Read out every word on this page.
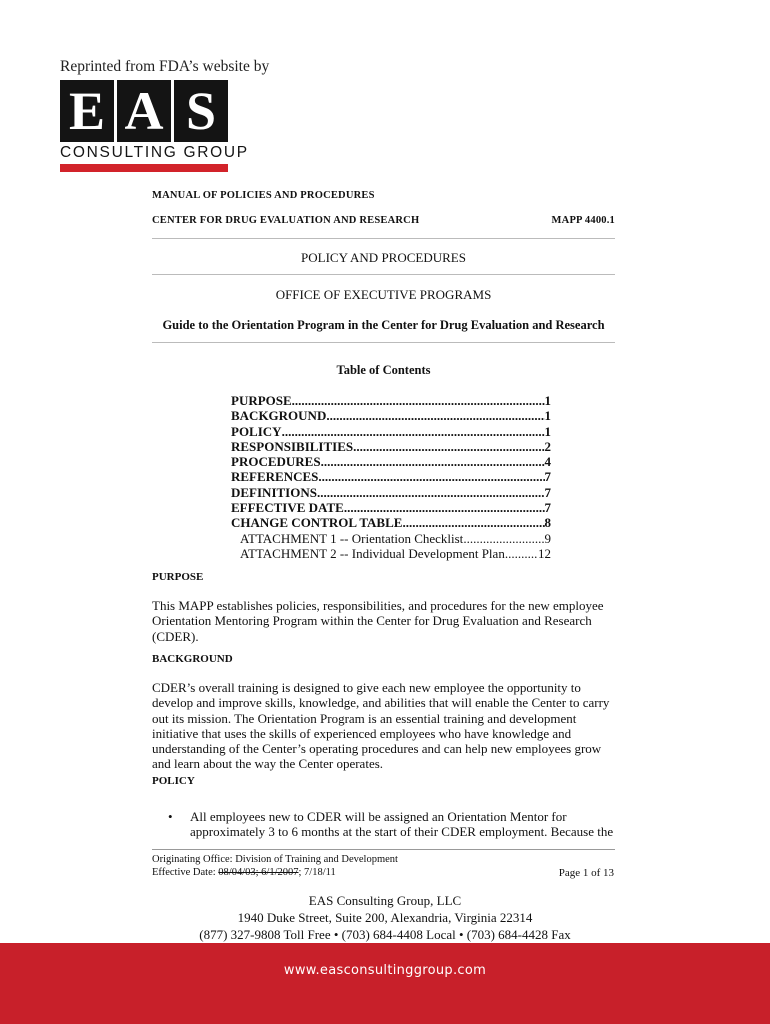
Reprinted from FDA’s website by
E A S
CONSULTING GROUP
MANUAL OF POLICIES AND PROCEDURES
CENTER FOR DRUG EVALUATION AND RESEARCH	MAPP 4400.1
POLICY AND PROCEDURES
OFFICE OF EXECUTIVE PROGRAMS
Guide to the Orientation Program in the Center for Drug Evaluation and Research
Table of Contents
PURPOSE .....	1
BACKGROUND .....	1
POLICY .....	1
RESPONSIBILITIES .....	2
PROCEDURES .....	4
REFERENCES .....	7
DEFINITIONS .....	7
EFFECTIVE DATE .....	7
CHANGE CONTROL TABLE .....	8
ATTACHMENT 1 -- Orientation Checklist .....	9
ATTACHMENT 2 -- Individual Development Plan .....	12
PURPOSE
This MAPP establishes policies, responsibilities, and procedures for the new employee Orientation Mentoring Program within the Center for Drug Evaluation and Research (CDER).
BACKGROUND
CDER’s overall training is designed to give each new employee the opportunity to develop and improve skills, knowledge, and abilities that will enable the Center to carry out its mission. The Orientation Program is an essential training and development initiative that uses the skills of experienced employees who have knowledge and understanding of the Center’s operating procedures and can help new employees grow and learn about the way the Center operates.
POLICY
•	All employees new to CDER will be assigned an Orientation Mentor for approximately 3 to 6 months at the start of their CDER employment. Because the
Originating Office: Division of Training and Development
Effective Date: 08/04/03; 6/1/2007; 7/18/11	Page 1 of 13
EAS Consulting Group, LLC
1940 Duke Street, Suite 200, Alexandria, Virginia 22314
(877) 327-9808 Toll Free • (703) 684-4408 Local • (703) 684-4428 Fax
www.easconsultinggroup.com
